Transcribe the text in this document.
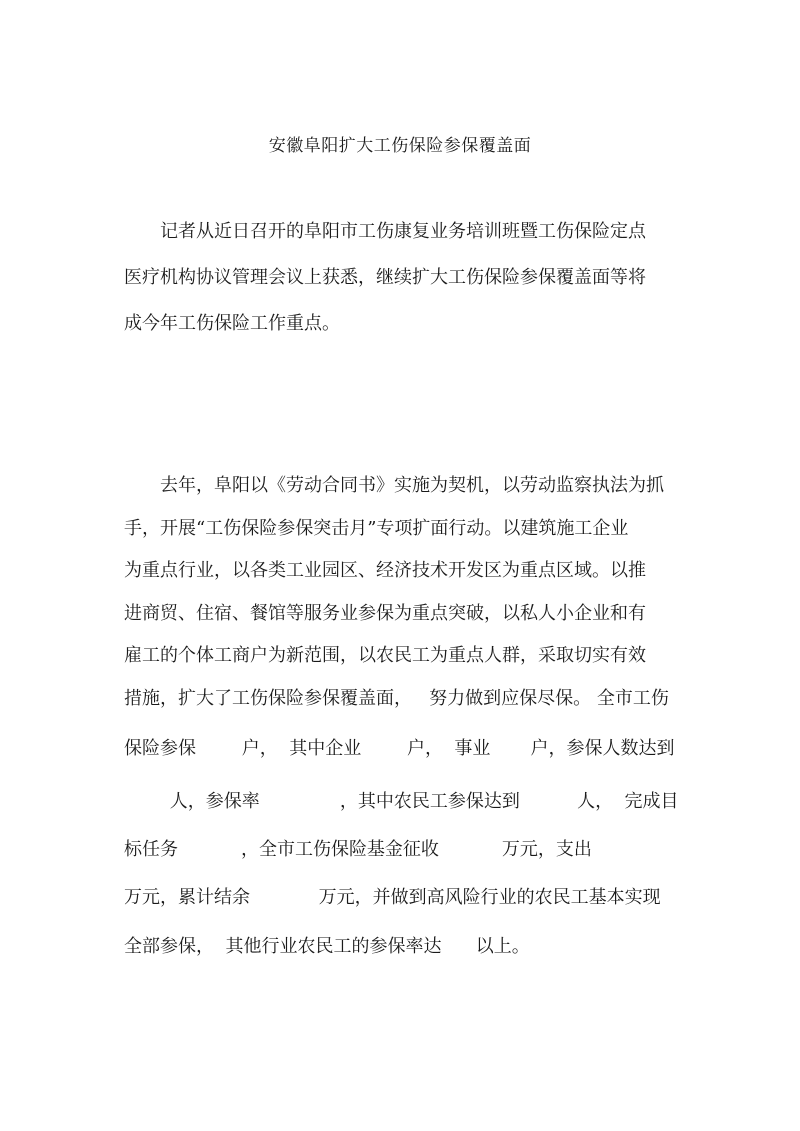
安徽阜阳扩大工伤保险参保覆盖面
记者从近日召开的阜阳市工伤康复业务培训班暨工伤保险定点
医疗机构协议管理会议上获悉，继续扩大工伤保险参保覆盖面等将
成今年工伤保险工作重点。
去年，阜阳以《劳动合同书》实施为契机，以劳动监察执法为抓
手，开展“工伤保险参保突击月”专项扩面行动。以建筑施工企业
为重点行业，以各类工业园区、经济技术开发区为重点区域。以推
进商贸、住宿、餐馆等服务业参保为重点突破，以私人小企业和有
雇工的个体工商户为新范围，以农民工为重点人群，采取切实有效
措施，扩大了工伤保险参保覆盖面，   努力做到应保尽保。 全市工伤
保险参保        户，  其中企业        户，  事业       户，参保人数达到
人，参保率              ，其中农民工参保达到          人，  完成目
标任务           ，全市工伤保险基金征收           万元，支出
万元，累计结余            万元，并做到高风险行业的农民工基本实现
全部参保，  其他行业农民工的参保率达      以上。
